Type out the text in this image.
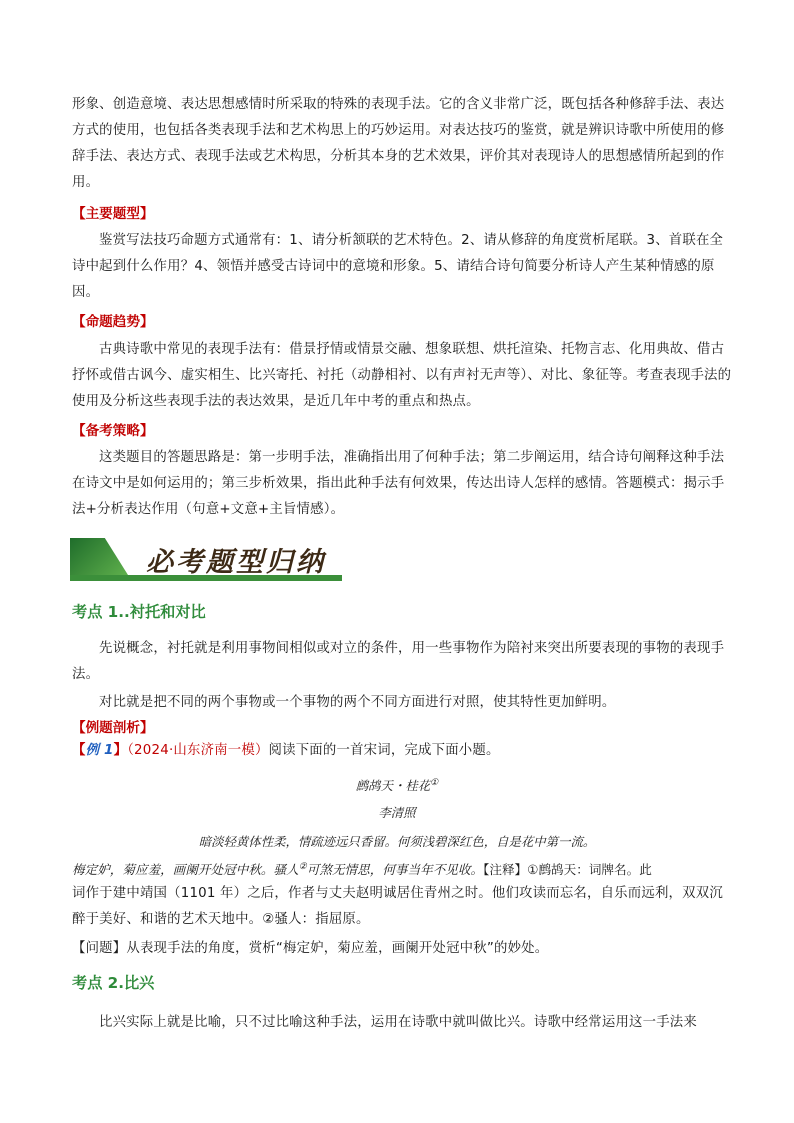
形象、创造意境、表达思想感情时所采取的特殊的表现手法。它的含义非常广泛，既包括各种修辞手法、表达方式的使用，也包括各类表现手法和艺术构思上的巧妙运用。对表达技巧的鉴赏，就是辨识诗歌中所使用的修辞手法、表达方式、表现手法或艺术构思，分析其本身的艺术效果，评价其对表现诗人的思想感情所起到的作用。

【主要题型】

鉴赏写法技巧命题方式通常有：1、请分析颔联的艺术特色。2、请从修辞的角度赏析尾联。3、首联在全诗中起到什么作用？4、领悟并感受古诗词中的意境和形象。5、请结合诗句简要分析诗人产生某种情感的原因。

【命题趋势】

古典诗歌中常见的表现手法有：借景抒情或情景交融、想象联想、烘托渲染、托物言志、化用典故、借古抒怀或借古讽今、虚实相生、比兴寄托、衬托（动静相衬、以有声衬无声等）、对比、象征等。考查表现手法的使用及分析这些表现手法的表达效果，是近几年中考的重点和热点。

【备考策略】

这类题目的答题思路是：第一步明手法，准确指出用了何种手法；第二步阐运用，结合诗句阐释这种手法在诗文中是如何运用的；第三步析效果，指出此种手法有何效果，传达出诗人怎样的感情。答题模式：揭示手法+分析表达作用（句意+文意+主旨情感）。

必考题型归纳
考点 1..衬托和对比

先说概念，衬托就是利用事物间相似或对立的条件，用一些事物作为陪衬来突出所要表现的事物的表现手法。

对比就是把不同的两个事物或一个事物的两个不同方面进行对照，使其特性更加鲜明。

【例题剖析】
【例 1】（2024·山东济南一模）阅读下面的一首宋词，完成下面小题。
鹧鸪天・桂花①
李清照
暗淡轻黄体性柔，情疏迹远只香留。何须浅碧深红色，自是花中第一流。
梅定妒，菊应羞，画阑开处冠中秋。骚人②可煞无情思，何事当年不见收。【注释】①鹧鸪天：词牌名。此

词作于建中靖国（1101 年）之后，作者与丈夫赵明诚居住青州之时。他们攻读而忘名，自乐而远利，双双沉醉于美好、和谐的艺术天地中。②骚人：指屈原。

【问题】从表现手法的角度，赏析“梅定妒，菊应羞，画阑开处冠中秋”的妙处。
考点 2.比兴

比兴实际上就是比喻，只不过比喻这种手法，运用在诗歌中就叫做比兴。诗歌中经常运用这一手法来
